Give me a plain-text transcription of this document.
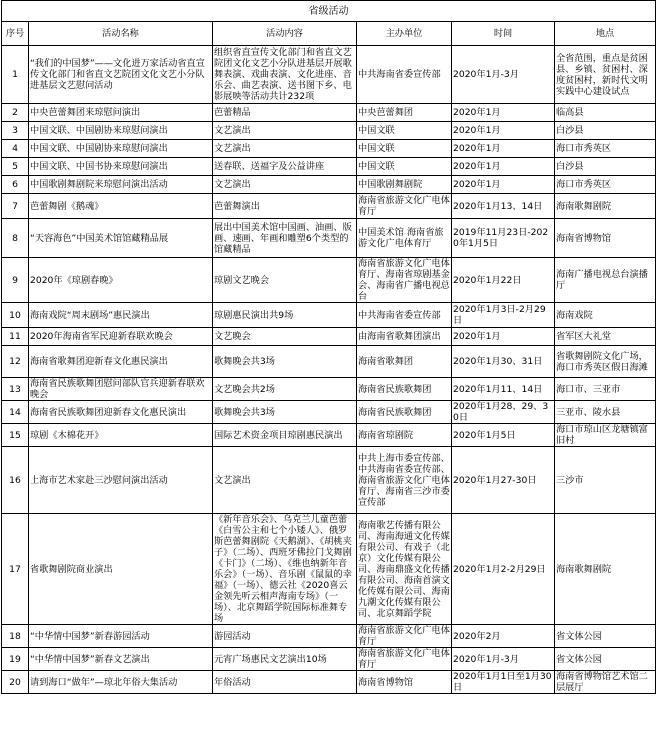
省级活动					
序号	活动名称	活动内容	主办单位	时间	地点
1	“我们的中国梦”——文化进万家活动省直宣传文化部门和省直文艺院团文化文艺小分队进基层文艺慰问活动	组织省直宣传文化部门和省直文艺院团文化文艺小分队进基层开展歌舞表演、戏曲表演、文化进座、音乐会、曲艺表演、送书图下乡、电影展映等活动共计232项	中共海南省委宣传部	2020年1月-3月	全省范围，重点是贫困县、乡镇、贫困村、深度贫困村，新时代文明实践中心建设试点
2	中央芭蕾舞团来琼慰问演出	芭蕾精品	中央芭蕾舞团	2020年1月	临高县
3	中国文联、中国剧协来琼慰问演出	文艺演出	中国文联	2020年1月	白沙县
4	中国文联、中国剧协来琼慰问演出	文艺演出	中国文联	2020年1月	海口市秀英区
5	中国文联、中国书协来琼慰问演出	送春联、送福字及公益讲座	中国文联	2020年1月	白沙县
6	中国歌剧舞剧院来琼慰问演出活动	文艺演出	中国歌剧舞剧院	2020年1月	海口市秀英区
7	芭蕾舞剧《鹅魂》	芭蕾舞演出	海南省旅游文化广电体育厅	2020年1月13、14日	海南歌舞剧院
8	“天容海色”中国美术馆馆藏精品展	展出中国美术馆中国画、油画、版画、速画、年画和雕塑6个类型的馆藏精品	中国美术馆 海南省旅游文化广电体育厅	2019年11月23日-2020年1月5日	海南省博物馆
9	2020年《琼剧春晚》	琼剧文艺晚会	海南省旅游文化广电体育厅、海南省琼剧基金会、海南省广播电视总台	2020年1月22日	海南广播电视总台演播厅
10	海南戏院“周末剧场”惠民演出	琼剧惠民演出共9场	中共海南省委宣传部	2020年1月3日-2月29日	海南戏院
11	2020年海南省军民迎新春联欢晚会	文艺晚会	由海南省歌舞团演出	2020年1月	省军区大礼堂
12	海南省歌舞团迎新春文化惠民演出	歌舞晚会共3场	海南省歌舞团	2020年1月30、31日	省歌舞剧院文化广场，海口市秀英区假日海滩
13	海南省民族歌舞团慰问部队官兵迎新春联欢晚会	文艺晚会共2场	海南省民族歌舞团	2020年1月11、14日	海口市、三亚市
14	海南省民族歌舞团迎新春文化惠民演出	歌舞晚会共3场	海南省民族歌舞团	2020年1月28、29、30日	三亚市、陵水县
15	琼剧《木棉花开》	国际艺术资金项目琼剧惠民演出	海南省琼剧院	2020年1月5日	海口市琼山区龙塘镇富旧村
16	上海市艺术家赴三沙慰问演出活动	文艺演出	中共上海市委宣传部、中共海南省委宣传部、海南省旅游文化广电体育厅、海南省三沙市委宣传部	2020年1月27-30日	三沙市
17	省歌舞剧院商业演出	《新年音乐会》、乌克兰儿童芭蕾《白雪公主和七个小矮人》、俄罗斯芭蕾舞剧院《天鹅湖》、《胡桃夹子》（二场）、西班牙佛拉门戈舞剧《卡门》（二场）、《维也纳新年音乐会》（一场）、音乐剧《鼠鼠的幸福》（一场）、德云社《2020喜云金领先听云相声海南专场》（一场）、北京舞蹈学院国际标准舞专场	海南歌艺传播有限公司、海南海通文化传媒有限公司、有戏子（北京）文化传媒有限公司、海南鼎盛文化传播有限公司、海南首演文化传媒有限公司、海南九潮文化传媒有限公司、北京舞蹈学院	2020年1月2-2月29日	海南歌舞剧院
18	“中华情中国梦”新春游园活动	游园活动	海南省旅游文化广电体育厅	2020年2月	省文体公园
19	“中华情中国梦”新春文艺演出	元宵广场惠民文艺演出10场	海南省旅游文化广电体育厅	2020年1月-3月	省文体公园
20	请到海口“做年”—琼北年俗大集活动	年俗活动	海南省博物馆	2020年1月1日至1月30日	海南省博物馆艺术馆二层展厅
